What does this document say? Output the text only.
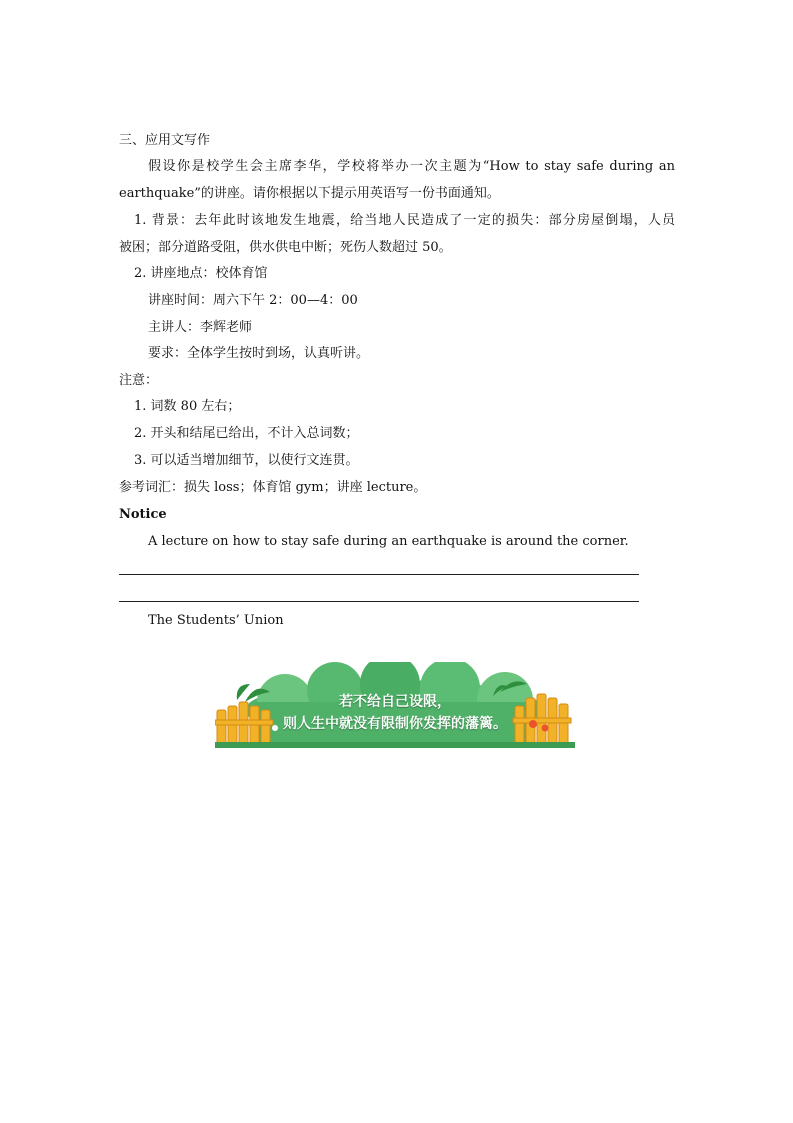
三、应用文写作
假设你是校学生会主席李华，学校将举办一次主题为“How to stay safe during an
earthquake”的讲座。请你根据以下提示用英语写一份书面通知。
1. 背景：去年此时该地发生地震，给当地人民造成了一定的损失：部分房屋倒塌，人员
被困；部分道路受阻，供水供电中断；死伤人数超过 50。
2. 讲座地点：校体育馆
讲座时间：周六下午 2：00—4：00
主讲人：李辉老师
要求：全体学生按时到场，认真听讲。
注意：
1. 词数 80 左右；
2. 开头和结尾已给出，不计入总词数；
3. 可以适当增加细节，以使行文连贯。
参考词汇：损失 loss；体育馆 gym；讲座 lecture。
Notice
A lecture on how to stay safe during an earthquake is around the corner.
The Students’ Union
若不给自己设限，
则人生中就没有限制你发挥的藩篱。
